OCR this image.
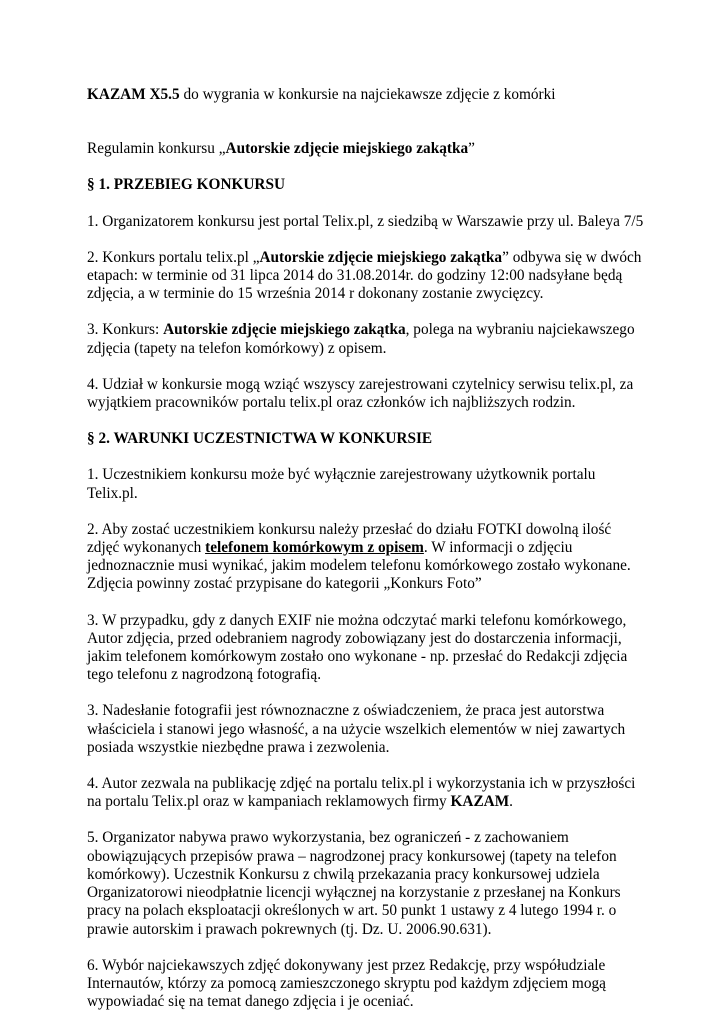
KAZAM X5.5 do wygrania w konkursie na najciekawsze zdjęcie z komórki

Regulamin konkursu „Autorskie zdjęcie miejskiego zakątka”

§ 1. PRZEBIEG KONKURSU

1. Organizatorem konkursu jest portal Telix.pl, z siedzibą w Warszawie przy ul. Baleya 7/5

2. Konkurs portalu telix.pl „Autorskie zdjęcie miejskiego zakątka” odbywa się w dwóch etapach: w terminie od 31 lipca 2014 do 31.08.2014r. do godziny 12:00 nadsyłane będą zdjęcia, a w terminie do 15 września 2014 r dokonany zostanie zwycięzcy.

3. Konkurs: Autorskie zdjęcie miejskiego zakątka, polega na wybraniu najciekawszego zdjęcia (tapety na telefon komórkowy) z opisem.

4. Udział w konkursie mogą wziąć wszyscy zarejestrowani czytelnicy serwisu telix.pl, za wyjątkiem pracowników portalu telix.pl oraz członków ich najbliższych rodzin.

§ 2. WARUNKI UCZESTNICTWA W KONKURSIE

1. Uczestnikiem konkursu może być wyłącznie zarejestrowany użytkownik portalu Telix.pl.

2. Aby zostać uczestnikiem konkursu należy przesłać do działu FOTKI dowolną ilość zdjęć wykonanych telefonem komórkowym z opisem. W informacji o zdjęciu jednoznacznie musi wynikać, jakim modelem telefonu komórkowego zostało wykonane. Zdjęcia powinny zostać przypisane do kategorii „Konkurs Foto”

3. W przypadku, gdy z danych EXIF nie można odczytać marki telefonu komórkowego, Autor zdjęcia, przed odebraniem nagrody zobowiązany jest do dostarczenia informacji, jakim telefonem komórkowym zostało ono wykonane - np. przesłać do Redakcji zdjęcia tego telefonu z nagrodzoną fotografią.

3. Nadesłanie fotografii jest równoznaczne z oświadczeniem, że praca jest autorstwa właściciela i stanowi jego własność, a na użycie wszelkich elementów w niej zawartych posiada wszystkie niezbędne prawa i zezwolenia.

4. Autor zezwala na publikację zdjęć na portalu telix.pl i wykorzystania ich w przyszłości na portalu Telix.pl oraz w kampaniach reklamowych firmy KAZAM.

5. Organizator nabywa prawo wykorzystania, bez ograniczeń - z zachowaniem obowiązujących przepisów prawa – nagrodzonej pracy konkursowej (tapety na telefon komórkowy). Uczestnik Konkursu z chwilą przekazania pracy konkursowej udziela Organizatorowi nieodpłatnie licencji wyłącznej na korzystanie z przesłanej na Konkurs pracy na polach eksploatacji określonych w art. 50 punkt 1 ustawy z 4 lutego 1994 r. o prawie autorskim i prawach pokrewnych (tj. Dz. U. 2006.90.631).

6. Wybór najciekawszych zdjęć dokonywany jest przez Redakcję, przy współudziale Internautów, którzy za pomocą zamieszczonego skryptu pod każdym zdjęciem mogą wypowiadać się na temat danego zdjęcia i je oceniać.
